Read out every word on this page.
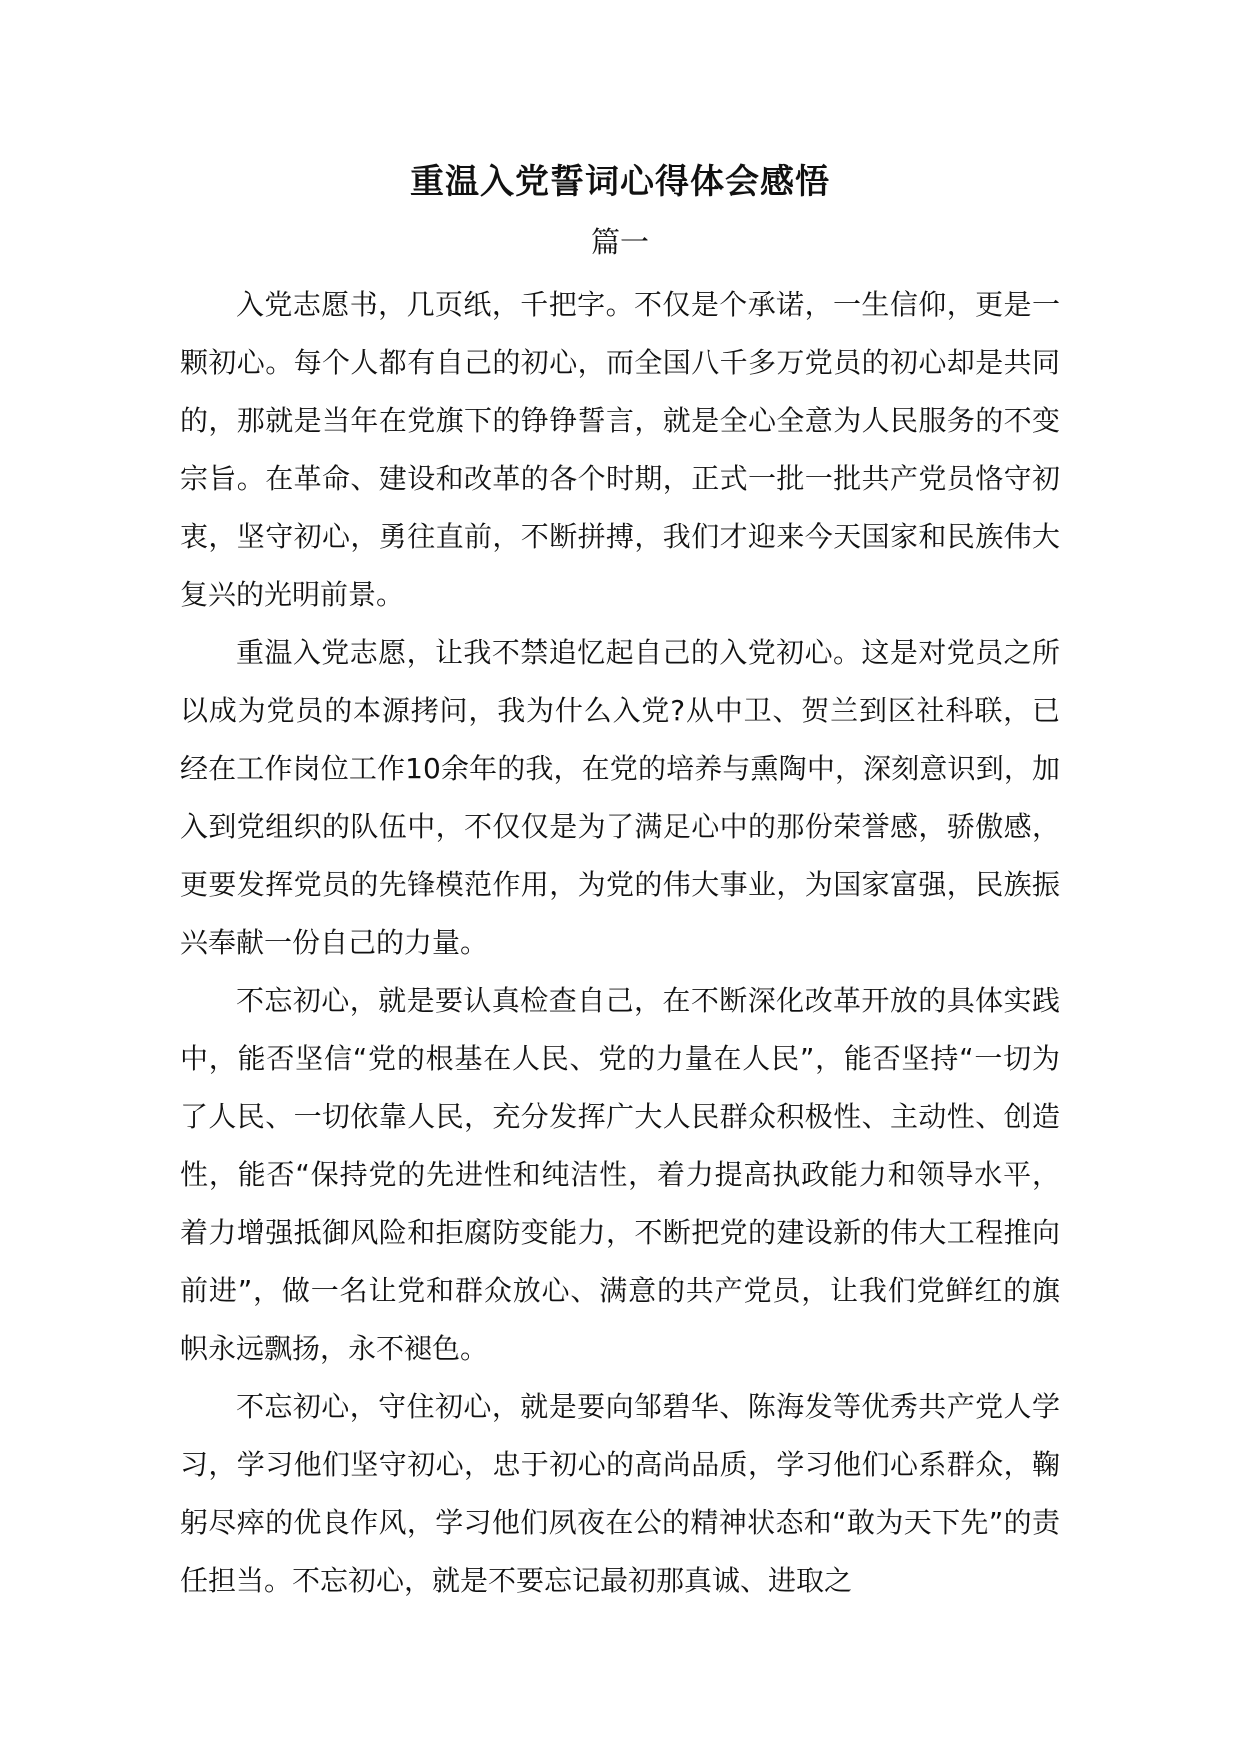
重温入党誓词心得体会感悟
篇一

入党志愿书，几页纸，千把字。不仅是个承诺，一生信仰，更是一颗初心。每个人都有自己的初心，而全国八千多万党员的初心却是共同的，那就是当年在党旗下的铮铮誓言，就是全心全意为人民服务的不变宗旨。在革命、建设和改革的各个时期，正式一批一批共产党员恪守初衷，坚守初心，勇往直前，不断拼搏，我们才迎来今天国家和民族伟大复兴的光明前景。

重温入党志愿，让我不禁追忆起自己的入党初心。这是对党员之所以成为党员的本源拷问，我为什么入党?从中卫、贺兰到区社科联，已经在工作岗位工作10余年的我，在党的培养与熏陶中，深刻意识到，加入到党组织的队伍中，不仅仅是为了满足心中的那份荣誉感，骄傲感，更要发挥党员的先锋模范作用，为党的伟大事业，为国家富强，民族振兴奉献一份自己的力量。

不忘初心，就是要认真检查自己，在不断深化改革开放的具体实践中，能否坚信“党的根基在人民、党的力量在人民”，能否坚持“一切为了人民、一切依靠人民，充分发挥广大人民群众积极性、主动性、创造性，能否“保持党的先进性和纯洁性，着力提高执政能力和领导水平，着力增强抵御风险和拒腐防变能力，不断把党的建设新的伟大工程推向前进”，做一名让党和群众放心、满意的共产党员，让我们党鲜红的旗帜永远飘扬，永不褪色。

不忘初心，守住初心，就是要向邹碧华、陈海发等优秀共产党人学习，学习他们坚守初心，忠于初心的高尚品质，学习他们心系群众，鞠躬尽瘁的优良作风，学习他们夙夜在公的精神状态和“敢为天下先”的责任担当。不忘初心，就是不要忘记最初那真诚、进取之
